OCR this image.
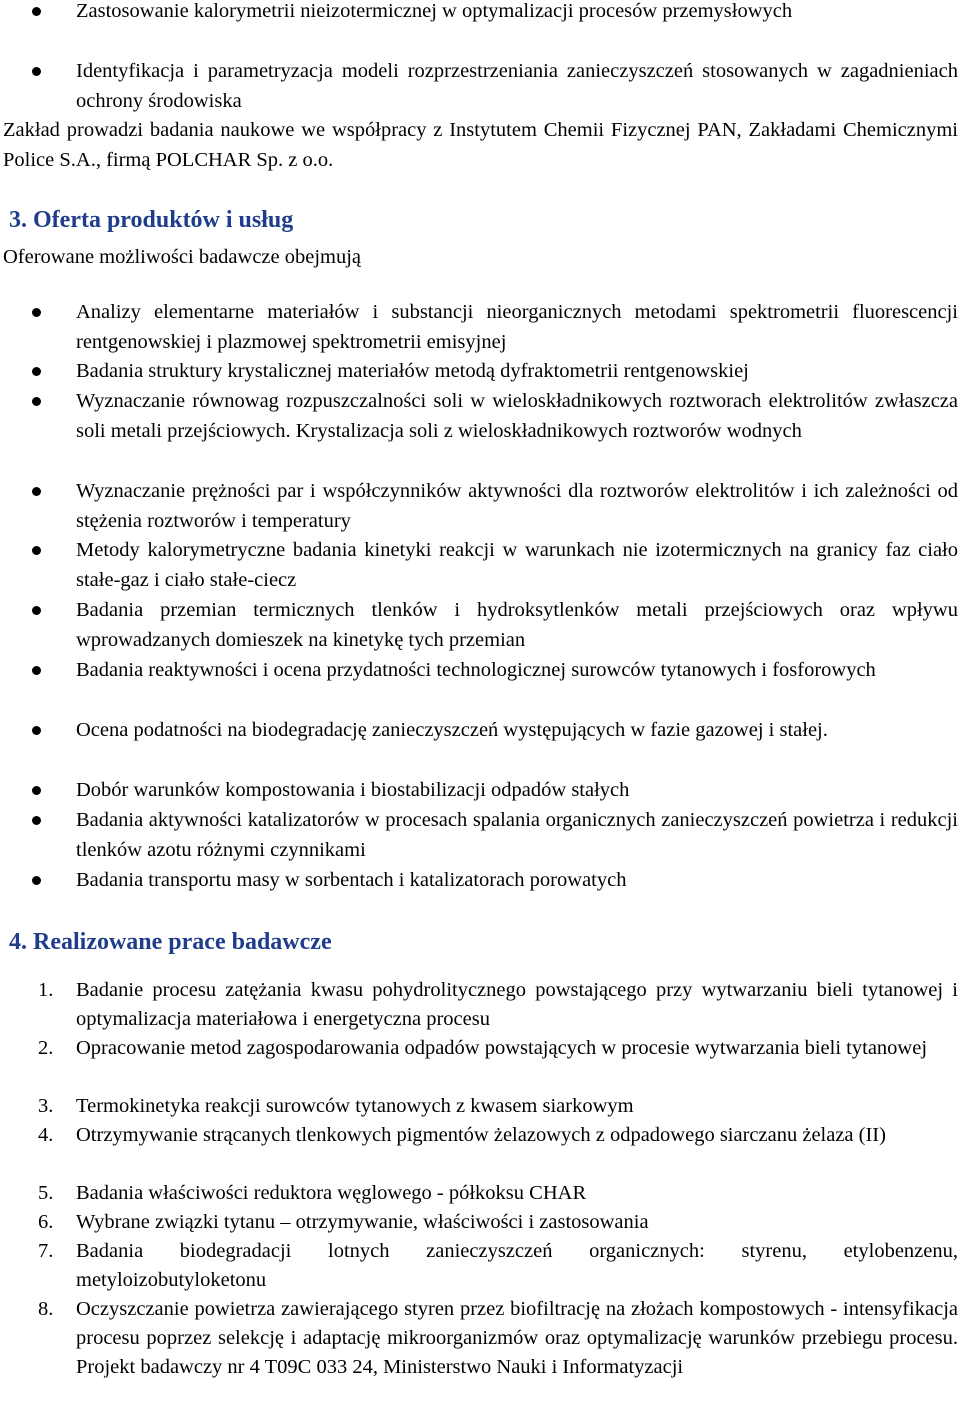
Zastosowanie kalorymetrii nieizotermicznej w optymalizacji procesów przemysłowych
Identyfikacja i parametryzacja modeli rozprzestrzeniania zanieczyszczeń stosowanych w zagadnieniach ochrony środowiska
Zakład prowadzi badania naukowe we współpracy z Instytutem Chemii Fizycznej PAN, Zakładami Chemicznymi Police S.A., firmą POLCHAR Sp. z o.o.
3. Oferta produktów i usług
Oferowane możliwości badawcze obejmują
Analizy elementarne materiałów i substancji nieorganicznych metodami spektrometrii fluorescencji rentgenowskiej i plazmowej spektrometrii emisyjnej
Badania struktury krystalicznej materiałów metodą dyfraktometrii rentgenowskiej
Wyznaczanie równowag rozpuszczalności soli w wieloskładnikowych roztworach elektrolitów zwłaszcza soli metali przejściowych. Krystalizacja soli z wieloskładnikowych roztworów wodnych
Wyznaczanie prężności par i współczynników aktywności dla roztworów elektrolitów i ich zależności od stężenia roztworów i temperatury
Metody kalorymetryczne badania kinetyki reakcji w warunkach nie izotermicznych na granicy faz ciało stałe-gaz i ciało stałe-ciecz
Badania przemian termicznych tlenków i hydroksytlenków metali przejściowych oraz wpływu wprowadzanych domieszek na kinetykę tych przemian
Badania reaktywności i ocena przydatności technologicznej surowców tytanowych i fosforowych
Ocena podatności na biodegradację zanieczyszczeń występujących w fazie gazowej i stałej.
Dobór warunków kompostowania i biostabilizacji odpadów stałych
Badania aktywności katalizatorów w procesach spalania organicznych zanieczyszczeń powietrza i redukcji tlenków azotu różnymi czynnikami
Badania transportu masy w sorbentach i katalizatorach porowatych
4. Realizowane prace badawcze
1. Badanie procesu zatężania kwasu pohydrolitycznego powstającego przy wytwarzaniu bieli tytanowej i optymalizacja materiałowa i energetyczna procesu
2. Opracowanie metod zagospodarowania odpadów powstających w procesie wytwarzania bieli tytanowej
3. Termokinetyka reakcji surowców tytanowych z kwasem siarkowym
4. Otrzymywanie strącanych tlenkowych pigmentów żelazowych z odpadowego siarczanu żelaza (II)
5. Badania właściwości reduktora węglowego - półkoksu CHAR
6. Wybrane związki tytanu – otrzymywanie, właściwości i zastosowania
7. Badania biodegradacji lotnych zanieczyszczeń organicznych: styrenu, etylobenzenu, metyloizobutyloketonu
8. Oczyszczanie powietrza zawierającego styren przez biofiltrację na złożach kompostowych - intensyfikacja procesu poprzez selekcję i adaptację mikroorganizmów oraz optymalizację warunków przebiegu procesu. Projekt badawczy nr 4 T09C 033 24, Ministerstwo Nauki i Informatyzacji
